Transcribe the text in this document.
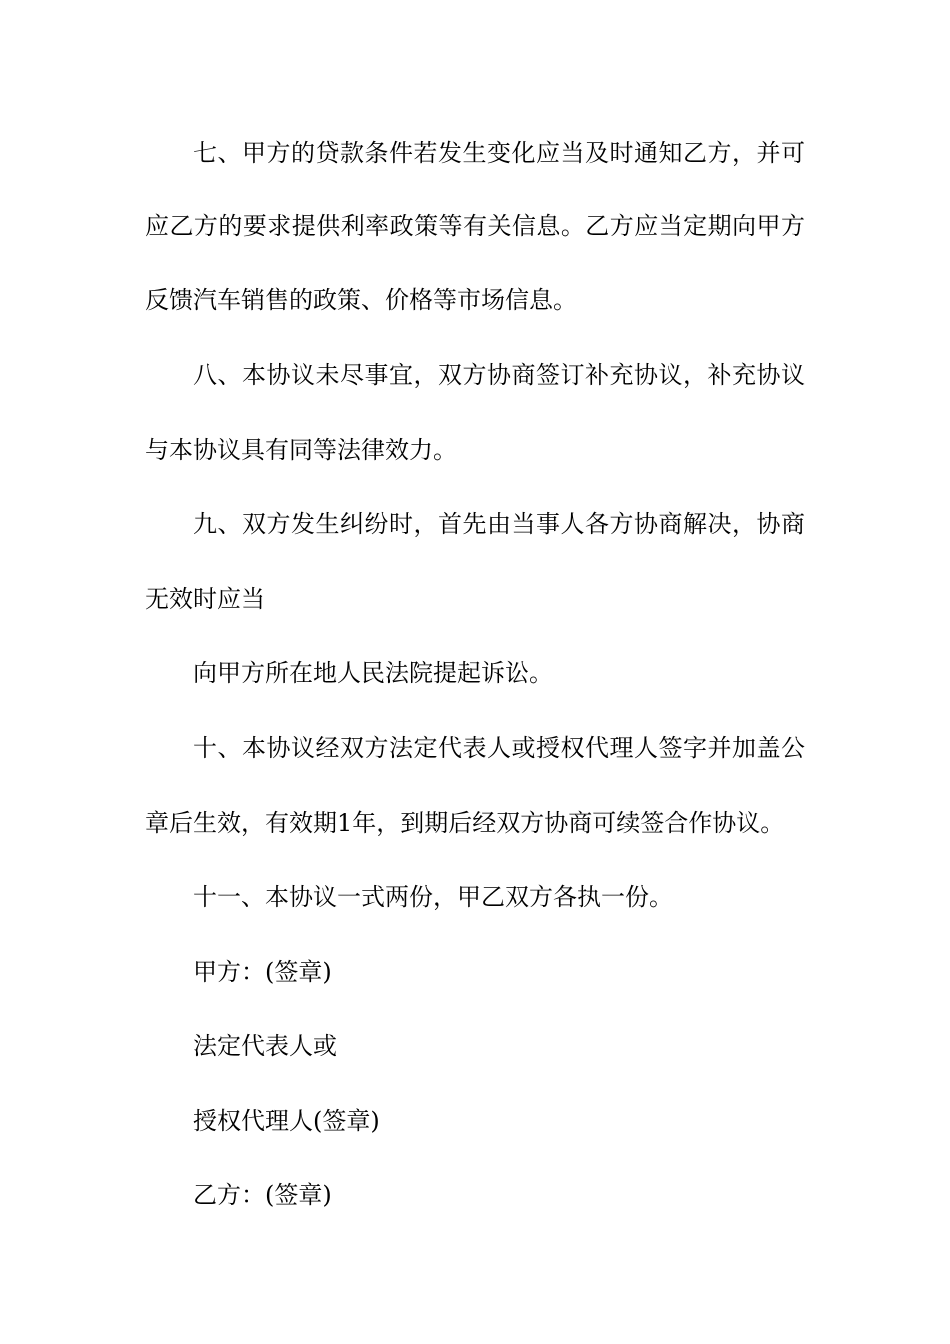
七、甲方的贷款条件若发生变化应当及时通知乙方，并可
应乙方的要求提供利率政策等有关信息。乙方应当定期向甲方
反馈汽车销售的政策、价格等市场信息。
八、本协议未尽事宜，双方协商签订补充协议，补充协议
与本协议具有同等法律效力。
九、双方发生纠纷时，首先由当事人各方协商解决，协商
无效时应当
向甲方所在地人民法院提起诉讼。
十、本协议经双方法定代表人或授权代理人签字并加盖公
章后生效，有效期1年，到期后经双方协商可续签合作协议。
十一、本协议一式两份，甲乙双方各执一份。
甲方：(签章)
法定代表人或
授权代理人(签章)
乙方：(签章)
